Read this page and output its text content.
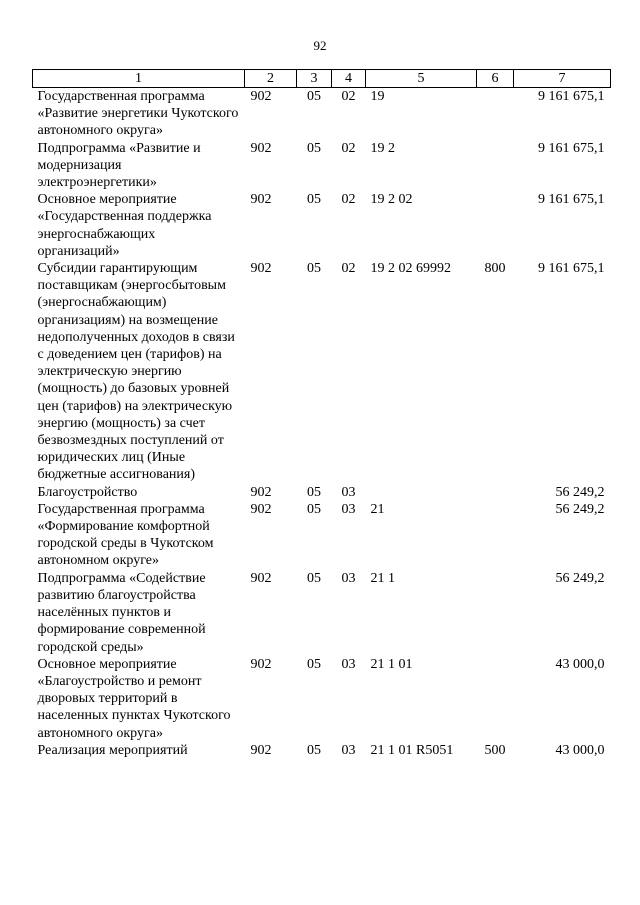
92
1	2	3	4	5	6	7
Государственная программа «Развитие энергетики Чукотского автономного округа»	902	05	02	19		9 161 675,1
Подпрограмма «Развитие и модернизация электроэнергетики»	902	05	02	19 2		9 161 675,1
Основное мероприятие «Государственная поддержка энергоснабжающих организаций»	902	05	02	19 2 02		9 161 675,1
Субсидии гарантирующим поставщикам (энергосбытовым (энергоснабжающим) организациям) на возмещение недополученных доходов в связи с доведением цен (тарифов) на электрическую энергию (мощность) до базовых уровней цен (тарифов) на электрическую энергию (мощность) за счет безвозмездных поступлений от юридических лиц (Иные бюджетные ассигнования)	902	05	02	19 2 02 69992	800	9 161 675,1
Благоустройство	902	05	03			56 249,2
Государственная программа «Формирование комфортной городской среды в Чукотском автономном округе»	902	05	03	21		56 249,2
Подпрограмма «Содействие развитию благоустройства населённых пунктов и формирование современной городской среды»	902	05	03	21 1		56 249,2
Основное мероприятие «Благоустройство и ремонт дворовых территорий в населенных пунктах Чукотского автономного округа»	902	05	03	21 1 01		43 000,0
Реализация мероприятий	902	05	03	21 1 01 R5051	500	43 000,0
